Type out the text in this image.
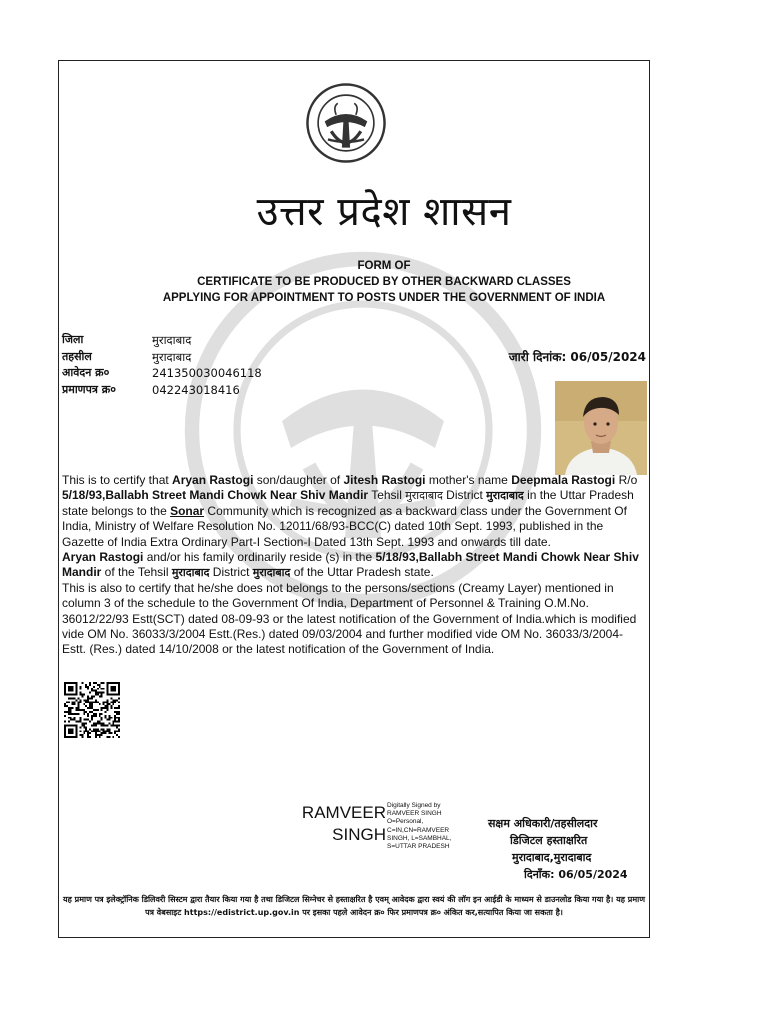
उत्तर प्रदेश शासन
FORM OF
CERTIFICATE TO BE PRODUCED BY OTHER BACKWARD CLASSES
APPLYING FOR APPOINTMENT TO POSTS UNDER THE GOVERNMENT OF INDIA
जिला	मुरादाबाद
तहसील	मुरादाबाद
आवेदन क्र०	241350030046118
प्रमाणपत्र क्र०	042243018416
जारी दिनांक: 06/05/2024
This is to certify that Aryan Rastogi son/daughter of Jitesh Rastogi mother's name Deepmala Rastogi R/o 5/18/93,Ballabh Street Mandi Chowk Near Shiv Mandir Tehsil मुरादाबाद District मुरादाबाद in the Uttar Pradesh state belongs to the Sonar Community which is recognized as a backward class under the Government Of India, Ministry of Welfare Resolution No. 12011/68/93-BCC(C) dated 10th Sept. 1993, published in the Gazette of India Extra Ordinary Part-I Section-I Dated 13th Sept. 1993 and onwards till date.
Aryan Rastogi and/or his family ordinarily reside (s) in the 5/18/93,Ballabh Street Mandi Chowk Near Shiv Mandir of the Tehsil मुरादाबाद District मुरादाबाद of the Uttar Pradesh state.
This is also to certify that he/she does not belongs to the persons/sections (Creamy Layer) mentioned in column 3 of the schedule to the Government Of India, Department of Personnel & Training O.M.No. 36012/22/93 Estt(SCT) dated 08-09-93 or the latest notification of the Government of India.which is modified vide OM No. 36033/3/2004 Estt.(Res.) dated 09/03/2004 and further modified vide OM No. 36033/3/2004-Estt. (Res.) dated 14/10/2008 or the latest notification of the Government of India.
RAMVEER
SINGH
Digitally Signed by
RAMVEER SINGH
O=Personal,
C=IN,CN=RAMVEER
SINGH, L=SAMBHAL,
S=UTTAR PRADESH
सक्षम अधिकारी/तहसीलदार
डिजिटल हस्ताक्षरित
मुरादाबाद,मुरादाबाद
दिनाँक: 06/05/2024
यह प्रमाण पत्र इलेक्ट्रॉनिक डिलिवरी सिस्टम द्वारा तैयार किया गया है तथा डिजिटल सिग्नेचर से हस्ताक्षरित है एवम् आवेदक द्वारा स्वयं की लॉग इन आईडी के माध्यम से डाउनलोड किया गया है। यह प्रमाण पत्र वेबसाइट https://edistrict.up.gov.in पर इसका पहले आवेदन क्र० फिर प्रमाणपत्र क्र० अंकित कर,सत्यापित किया जा सकता है।
